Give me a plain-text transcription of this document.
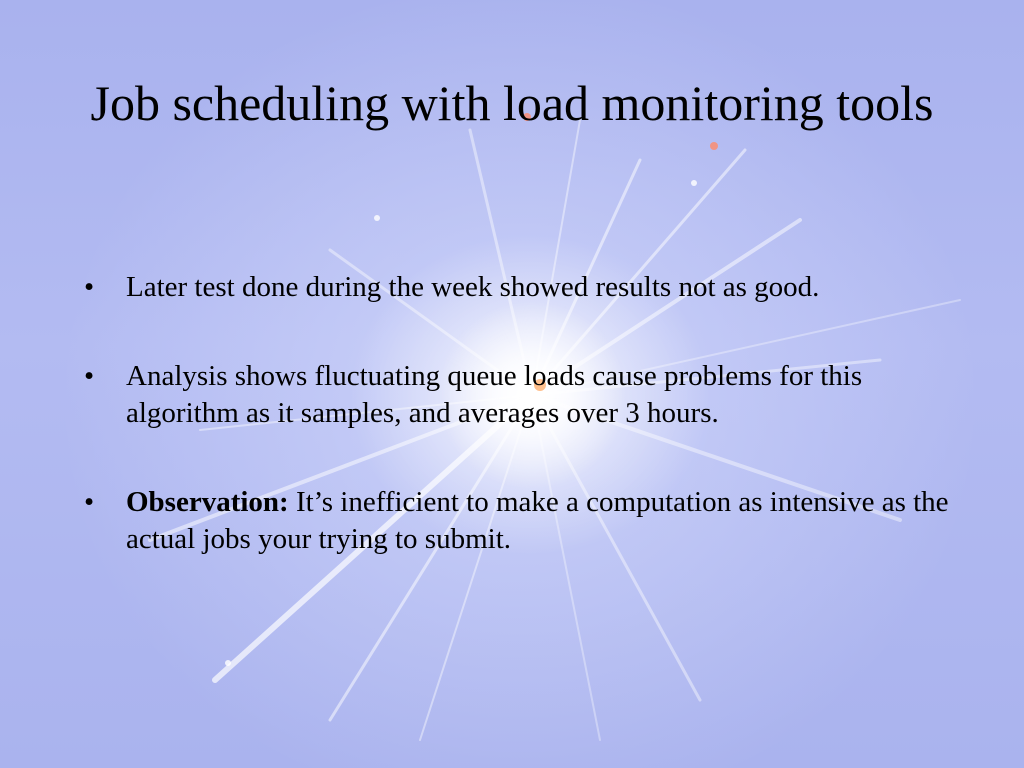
Job scheduling with load monitoring tools
•	Later test done during the week showed results not as good.
•	Analysis shows fluctuating queue loads cause problems for this algorithm as it samples, and averages over 3 hours.
•	Observation: It’s inefficient to make a computation as intensive as the actual jobs your trying to submit.
